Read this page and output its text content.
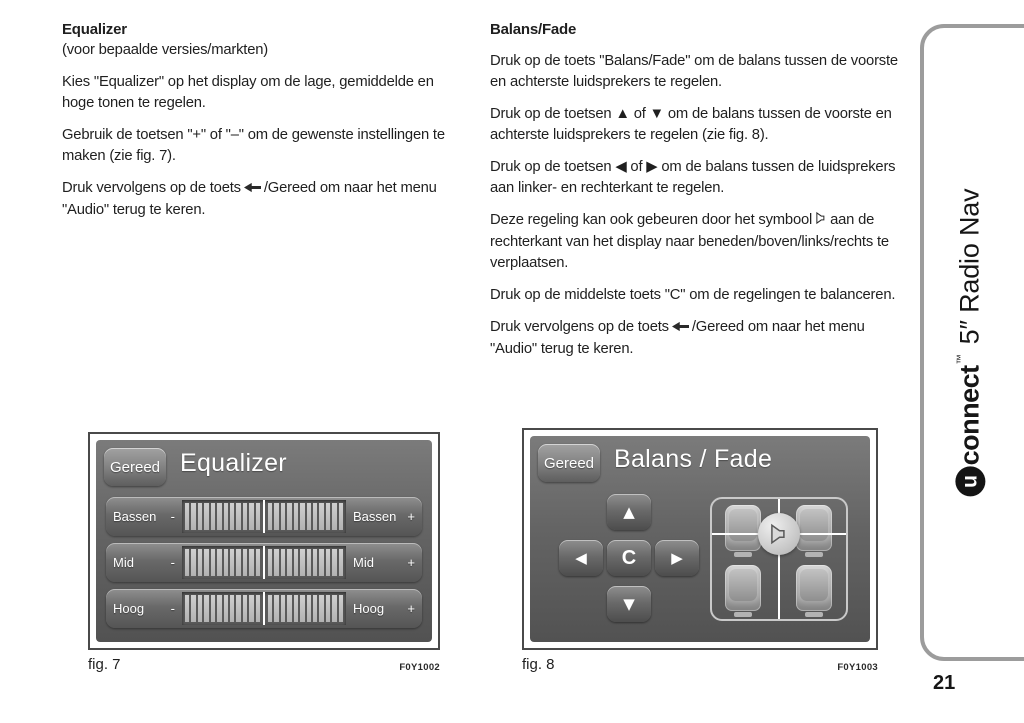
Equalizer

(voor bepaalde versies/markten)

Kies "Equalizer" op het display om de lage, gemiddelde en hoge tonen te regelen.

Gebruik de toetsen "+" of "–" om de gewenste instellingen te maken (zie fig. 7).

Druk vervolgens op de toets /Gereed om naar het menu "Audio" terug te keren.

Balans/Fade

Druk op de toets "Balans/Fade" om de balans tussen de voorste en achterste luidsprekers te regelen.

Druk op de toetsen ▲ of ▼ om de balans tussen de voorste en achterste luidsprekers te regelen (zie fig. 8).

Druk op de toetsen ◀ of ▶ om de balans tussen de luidsprekers aan linker- en rechterkant te regelen.

Deze regeling kan ook gebeuren door het symbool aan de rechterkant van het display naar beneden/boven/links/rechts te verplaatsen.

Druk op de middelste toets "C" om de regelingen te balanceren.

Druk vervolgens op de toets /Gereed om naar het menu "Audio" terug te keren.

Gereed Equalizer
Bassen -	Bassen +
Mid	-	Mid	+
Hoog -	Hoog +
fig. 7	F0Y1002
Gereed Balans / Fade
▲
◀	C	▶
▼
fig. 8	F0Y1003
u
connect
™
5″ Radio Nav
21
